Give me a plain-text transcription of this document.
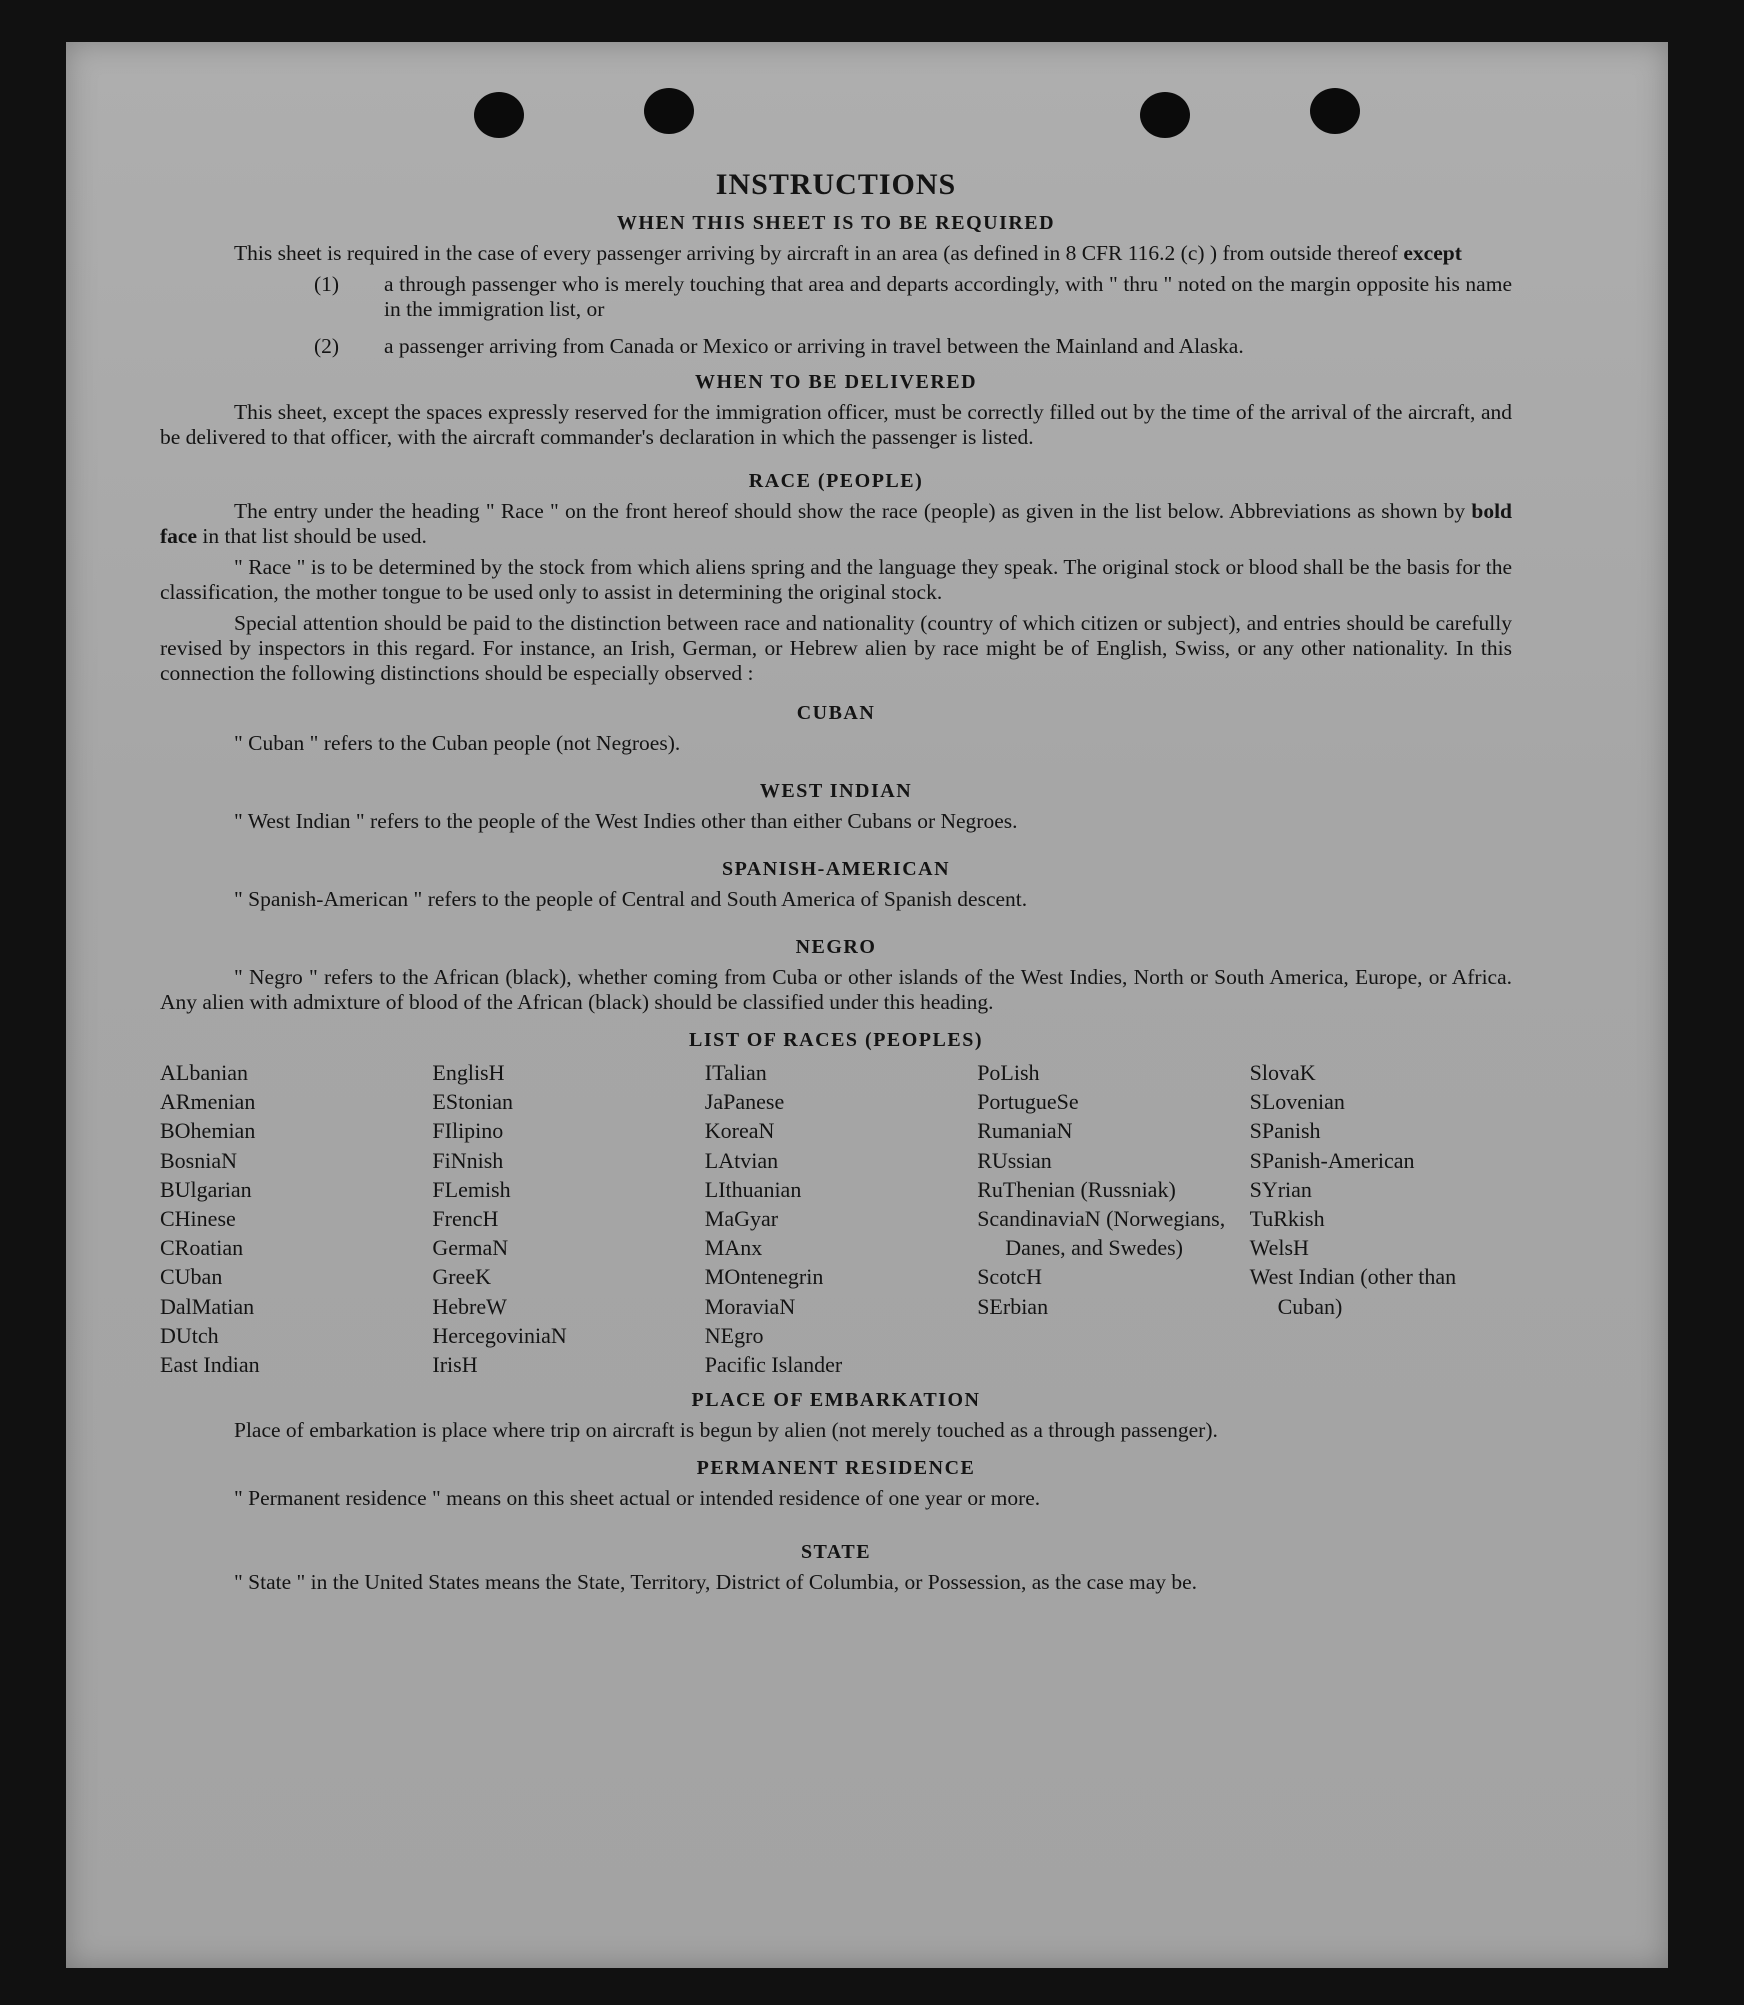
INSTRUCTIONS
WHEN THIS SHEET IS TO BE REQUIRED

This sheet is required in the case of every passenger arriving by aircraft in an area (as defined in 8 CFR 116.2 (c) ) from outside thereof except

(1) a through passenger who is merely touching that area and departs accordingly, with " thru " noted on the margin opposite his name in the immigration list, or
(2) a passenger arriving from Canada or Mexico or arriving in travel between the Mainland and Alaska.
WHEN TO BE DELIVERED

This sheet, except the spaces expressly reserved for the immigration officer, must be correctly filled out by the time of the arrival of the aircraft, and be delivered to that officer, with the aircraft commander's declaration in which the passenger is listed.

RACE (PEOPLE)

The entry under the heading " Race " on the front hereof should show the race (people) as given in the list below. Abbreviations as shown by bold face in that list should be used.

" Race " is to be determined by the stock from which aliens spring and the language they speak. The original stock or blood shall be the basis for the classification, the mother tongue to be used only to assist in determining the original stock.

Special attention should be paid to the distinction between race and nationality (country of which citizen or subject), and entries should be carefully revised by inspectors in this regard. For instance, an Irish, German, or Hebrew alien by race might be of English, Swiss, or any other nationality. In this connection the following distinctions should be especially observed :

CUBAN
" Cuban " refers to the Cuban people (not Negroes).
WEST INDIAN
" West Indian " refers to the people of the West Indies other than either Cubans or Negroes.
SPANISH-AMERICAN
" Spanish-American " refers to the people of Central and South America of Spanish descent.
NEGRO

" Negro " refers to the African (black), whether coming from Cuba or other islands of the West Indies, North or South America, Europe, or Africa. Any alien with admixture of blood of the African (black) should be classified under this heading.

LIST OF RACES (PEOPLES)
ALbanian
ARmenian
BOhemian
BosniaN
BUlgarian
CHinese
CRoatian
CUban
DalMatian
DUtch
East Indian
EnglisH
EStonian
FIlipino
FiNnish
FLemish
FrencH
GermaN
GreeK
HebreW
HercegoviniaN
IrisH
ITalian
JaPanese
KoreaN
LAtvian
LIthuanian
MaGyar
MAnx
MOntenegrin
MoraviaN
NEgro
Pacific Islander
PoLish
PortugueSe
RumaniaN
RUssian
RuThenian (Russniak)
ScandinaviaN (Norwegians, Danes, and Swedes)
ScotcH
SErbian
SlovaK
SLovenian
SPanish
SPanish-American
SYrian
TuRkish
WelsH
West Indian (other than Cuban)
PLACE OF EMBARKATION

Place of embarkation is place where trip on aircraft is begun by alien (not merely touched as a through passenger).

PERMANENT RESIDENCE
" Permanent residence " means on this sheet actual or intended residence of one year or more.
STATE

" State " in the United States means the State, Territory, District of Columbia, or Possession, as the case may be.
